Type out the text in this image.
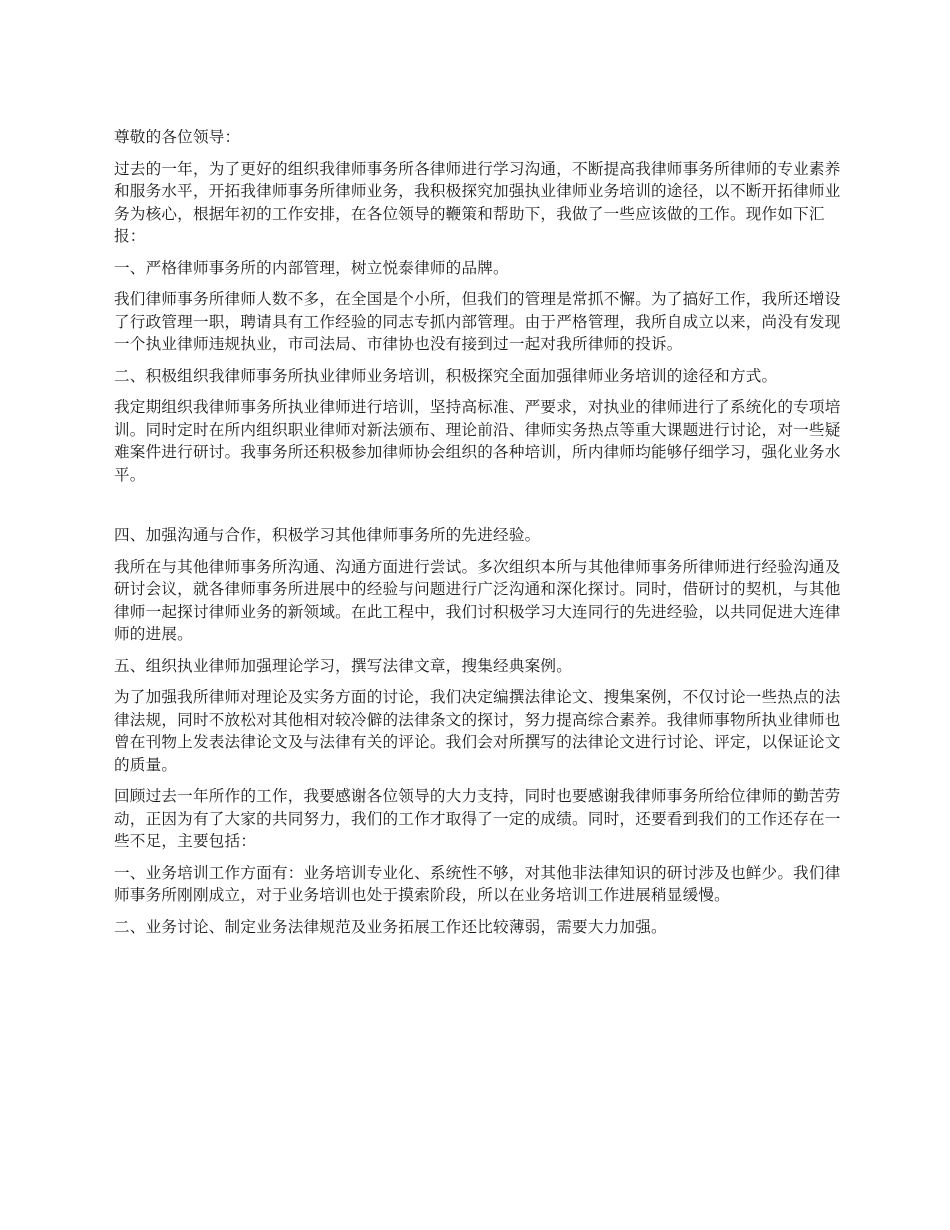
尊敬的各位领导：

过去的一年，为了更好的组织我律师事务所各律师进行学习沟通，不断提高我律师事务所律师的专业素养和服务水平，开拓我律师事务所律师业务，我积极探究加强执业律师业务培训的途径，以不断开拓律师业务为核心，根据年初的工作安排，在各位领导的鞭策和帮助下，我做了一些应该做的工作。现作如下汇报：

一、严格律师事务所的内部管理，树立悦泰律师的品牌。

我们律师事务所律师人数不多，在全国是个小所，但我们的管理是常抓不懈。为了搞好工作，我所还增设了行政管理一职，聘请具有工作经验的同志专抓内部管理。由于严格管理，我所自成立以来，尚没有发现一个执业律师违规执业，市司法局、市律协也没有接到过一起对我所律师的投诉。

二、积极组织我律师事务所执业律师业务培训，积极探究全面加强律师业务培训的途径和方式。

我定期组织我律师事务所执业律师进行培训，坚持高标准、严要求，对执业的律师进行了系统化的专项培训。同时定时在所内组织职业律师对新法颁布、理论前沿、律师实务热点等重大课题进行讨论，对一些疑难案件进行研讨。我事务所还积极参加律师协会组织的各种培训，所内律师均能够仔细学习，强化业务水平。

四、加强沟通与合作，积极学习其他律师事务所的先进经验。

我所在与其他律师事务所沟通、沟通方面进行尝试。多次组织本所与其他律师事务所律师进行经验沟通及研讨会议，就各律师事务所进展中的经验与问题进行广泛沟通和深化探讨。同时，借研讨的契机，与其他律师一起探讨律师业务的新领域。在此工程中，我们讨积极学习大连同行的先进经验，以共同促进大连律师的进展。

五、组织执业律师加强理论学习，撰写法律文章，搜集经典案例。

为了加强我所律师对理论及实务方面的讨论，我们决定编撰法律论文、搜集案例，不仅讨论一些热点的法律法规，同时不放松对其他相对较冷僻的法律条文的探讨，努力提高综合素养。我律师事物所执业律师也曾在刊物上发表法律论文及与法律有关的评论。我们会对所撰写的法律论文进行讨论、评定，以保证论文的质量。

回顾过去一年所作的工作，我要感谢各位领导的大力支持，同时也要感谢我律师事务所给位律师的勤苦劳动，正因为有了大家的共同努力，我们的工作才取得了一定的成绩。同时，还要看到我们的工作还存在一些不足，主要包括：

一、业务培训工作方面有：业务培训专业化、系统性不够，对其他非法律知识的研讨涉及也鲜少。我们律师事务所刚刚成立，对于业务培训也处于摸索阶段，所以在业务培训工作进展稍显缓慢。

二、业务讨论、制定业务法律规范及业务拓展工作还比较薄弱，需要大力加强。
